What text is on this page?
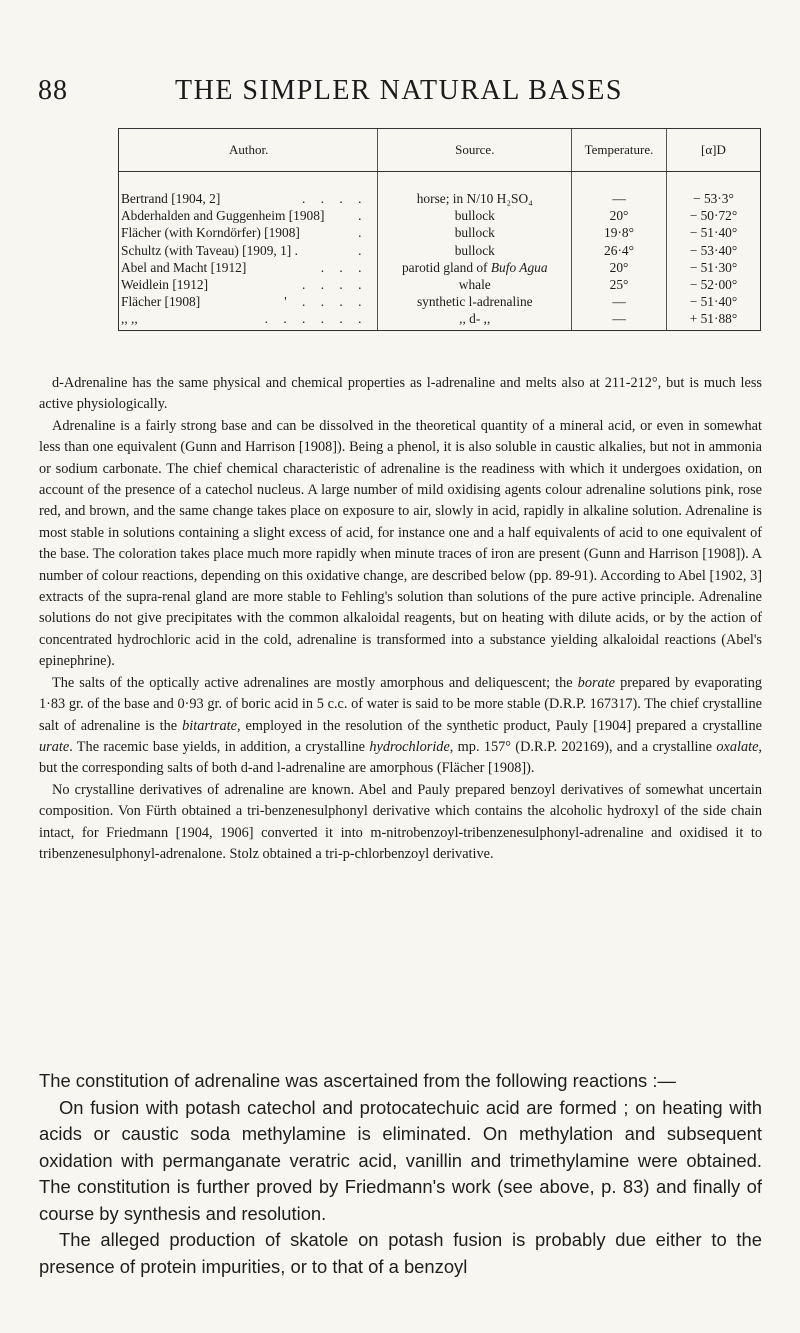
88	THE SIMPLER NATURAL BASES
Author.	Source.	Temperature.	[α]D
Bertrand [1904, 2] . . . .	horse; in N/10 H₂SO₄	—	− 53·3°
Abderhalden and Guggenheim [1908] .	bullock	20°	− 50·72°
Flächer (with Korndörfer) [1908] .	bullock	19·8°	− 51·40°
Schultz (with Taveau) [1909, 1] . .	bullock	26·4°	− 53·40°
Abel and Macht [1912] . . .	parotid gland of Bufo Agua	20°	− 51·30°
Weidlein [1912] . . . .	whale	25°	− 52·00°
Flächer [1908] ' . . . .	synthetic l-adrenaline	—	− 51·40°
,, ,, . . . . . .	,, d- ,,	—	+ 51·88°

d-Adrenaline has the same physical and chemical properties as l-adrenaline and melts also at 211-212°, but is much less active physiologically.

Adrenaline is a fairly strong base and can be dissolved in the theoretical quantity of a mineral acid, or even in somewhat less than one equivalent (Gunn and Harrison [1908]). Being a phenol, it is also soluble in caustic alkalies, but not in ammonia or sodium carbonate. The chief chemical characteristic of adrenaline is the readiness with which it undergoes oxidation, on account of the presence of a catechol nucleus. A large number of mild oxidising agents colour adrenaline solutions pink, rose red, and brown, and the same change takes place on exposure to air, slowly in acid, rapidly in alkaline solution. Adrenaline is most stable in solutions containing a slight excess of acid, for instance one and a half equivalents of acid to one equivalent of the base. The coloration takes place much more rapidly when minute traces of iron are present (Gunn and Harrison [1908]). A number of colour reactions, depending on this oxidative change, are described below (pp. 89-91). According to Abel [1902, 3] extracts of the supra-renal gland are more stable to Fehling's solution than solutions of the pure active principle. Adrenaline solutions do not give precipitates with the common alkaloidal reagents, but on heating with dilute acids, or by the action of concentrated hydrochloric acid in the cold, adrenaline is transformed into a substance yielding alkaloidal reactions (Abel's epinephrine).

The salts of the optically active adrenalines are mostly amorphous and deliquescent; the borate prepared by evaporating 1·83 gr. of the base and 0·93 gr. of boric acid in 5 c.c. of water is said to be more stable (D.R.P. 167317). The chief crystalline salt of adrenaline is the bitartrate, employed in the resolution of the synthetic product, Pauly [1904] prepared a crystalline urate. The racemic base yields, in addition, a crystalline hydrochloride, mp. 157° (D.R.P. 202169), and a crystalline oxalate, but the corresponding salts of both d-and l-adrenaline are amorphous (Flächer [1908]).

No crystalline derivatives of adrenaline are known. Abel and Pauly prepared benzoyl derivatives of somewhat uncertain composition. Von Fürth obtained a tri-benzenesulphonyl derivative which contains the alcoholic hydroxyl of the side chain intact, for Friedmann [1904, 1906] converted it into m-nitrobenzoyl-tribenzenesulphonyl-adrenaline and oxidised it to tribenzenesulphonyl-adrenalone. Stolz obtained a tri-p-chlorbenzoyl derivative.

The constitution of adrenaline was ascertained from the following reactions :—

On fusion with potash catechol and protocatechuic acid are formed ; on heating with acids or caustic soda methylamine is eliminated. On methylation and subsequent oxidation with permanganate veratric acid, vanillin and trimethylamine were obtained. The constitution is further proved by Friedmann's work (see above, p. 83) and finally of course by synthesis and resolution.

The alleged production of skatole on potash fusion is probably due either to the presence of protein impurities, or to that of a benzoyl
